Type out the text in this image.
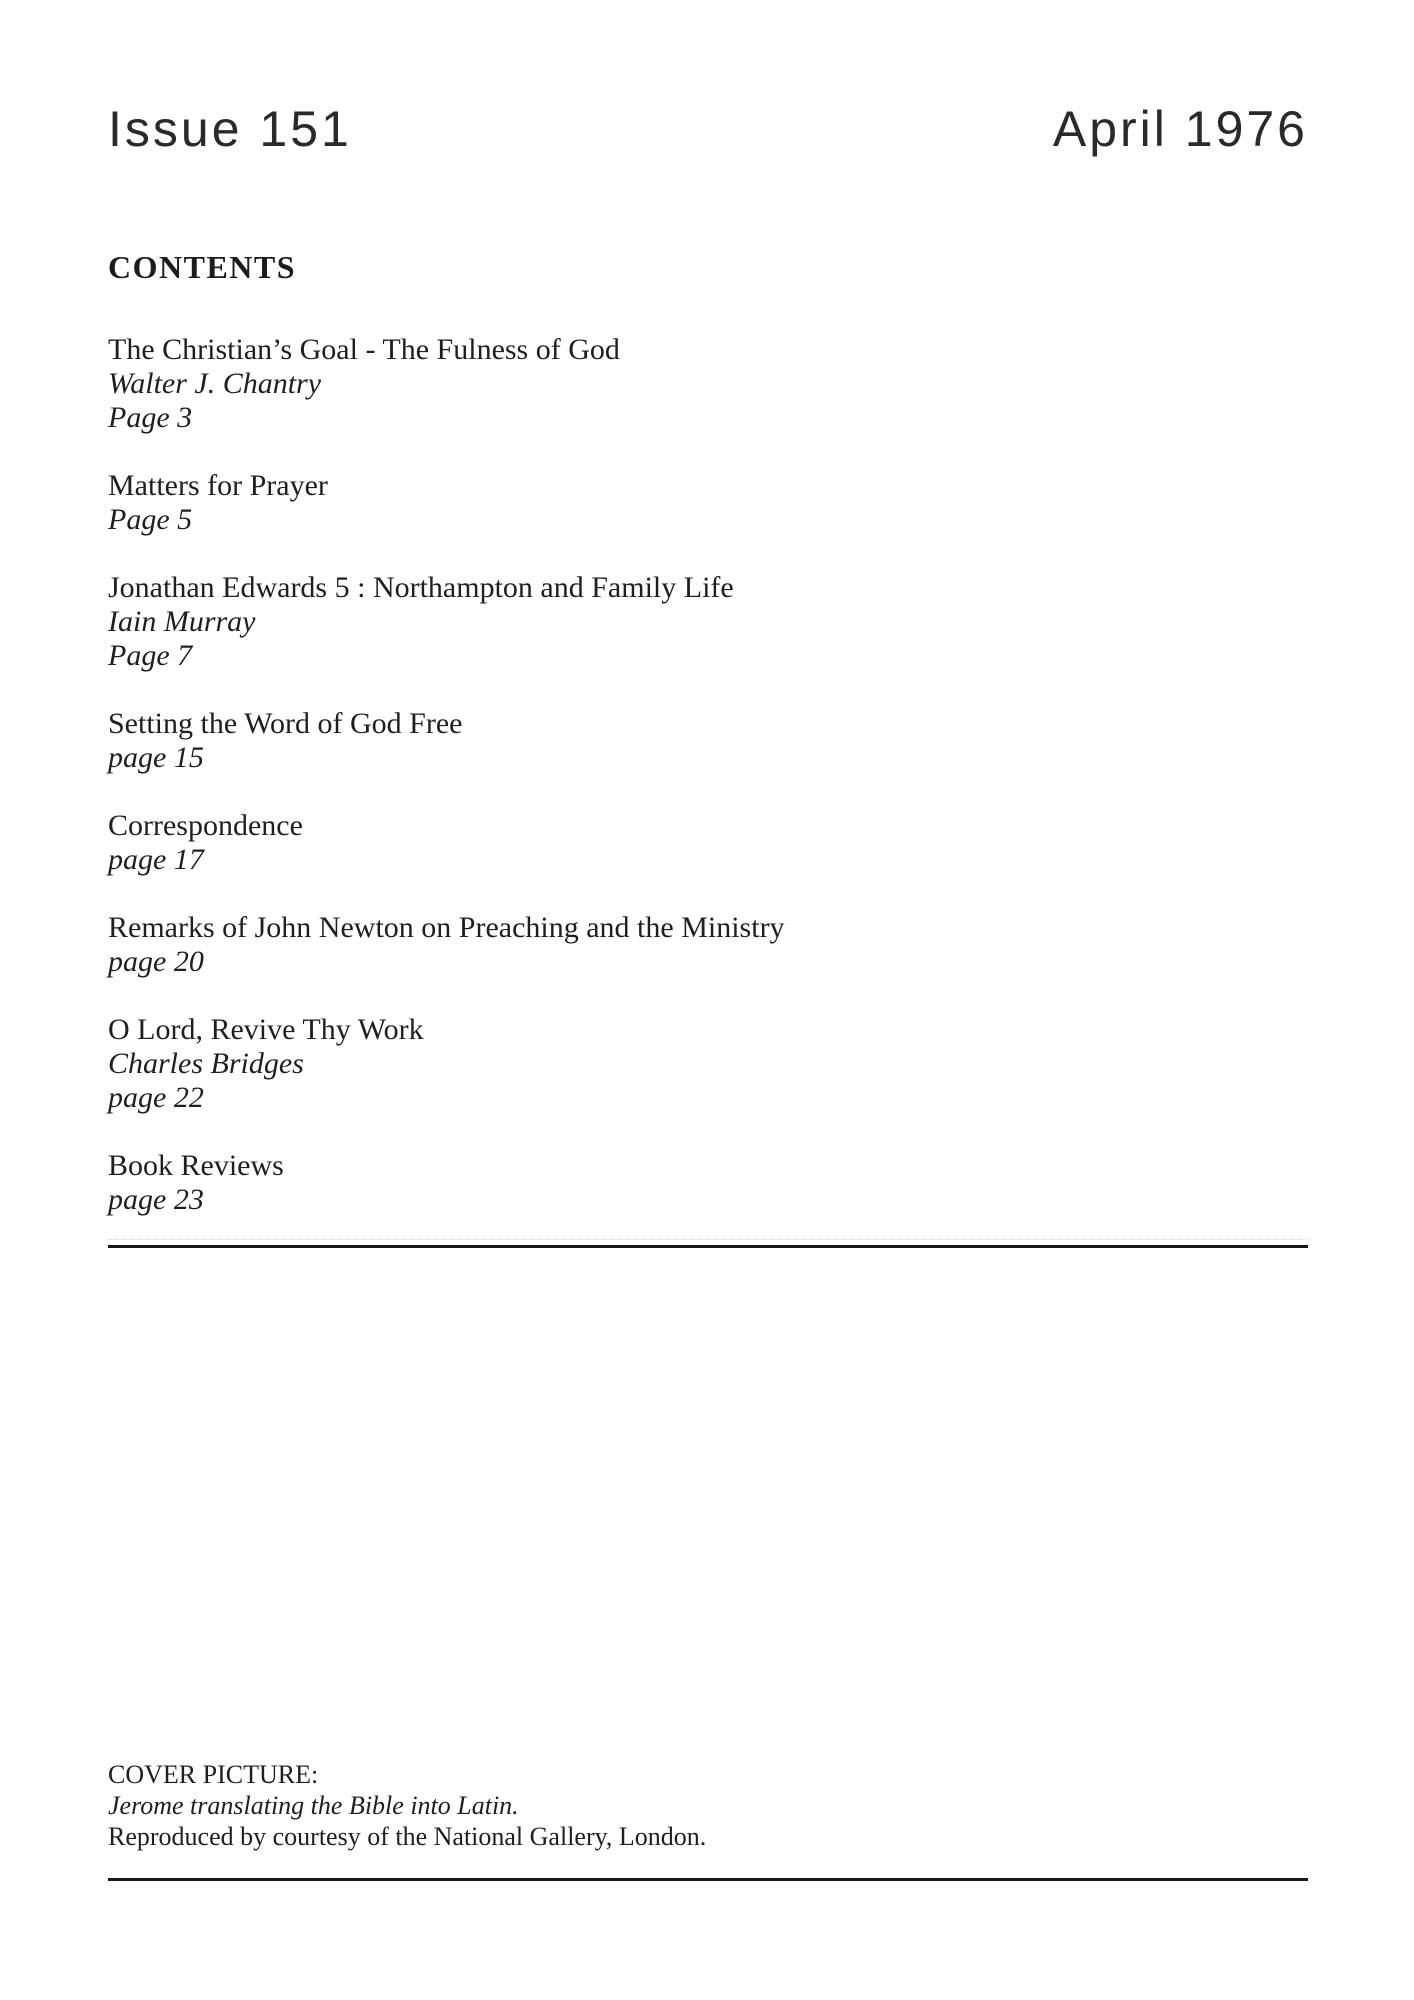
Issue 151	April 1976
CONTENTS
The Christian’s Goal - The Fulness of God
Walter J. Chantry
Page 3
Matters for Prayer
Page 5
Jonathan Edwards 5 : Northampton and Family Life
Iain Murray
Page 7
Setting the Word of God Free
page 15
Correspondence
page 17
Remarks of John Newton on Preaching and the Ministry
page 20
O Lord, Revive Thy Work
Charles Bridges
page 22
Book Reviews
page 23
COVER PICTURE:
Jerome translating the Bible into Latin.
Reproduced by courtesy of the National Gallery, London.
